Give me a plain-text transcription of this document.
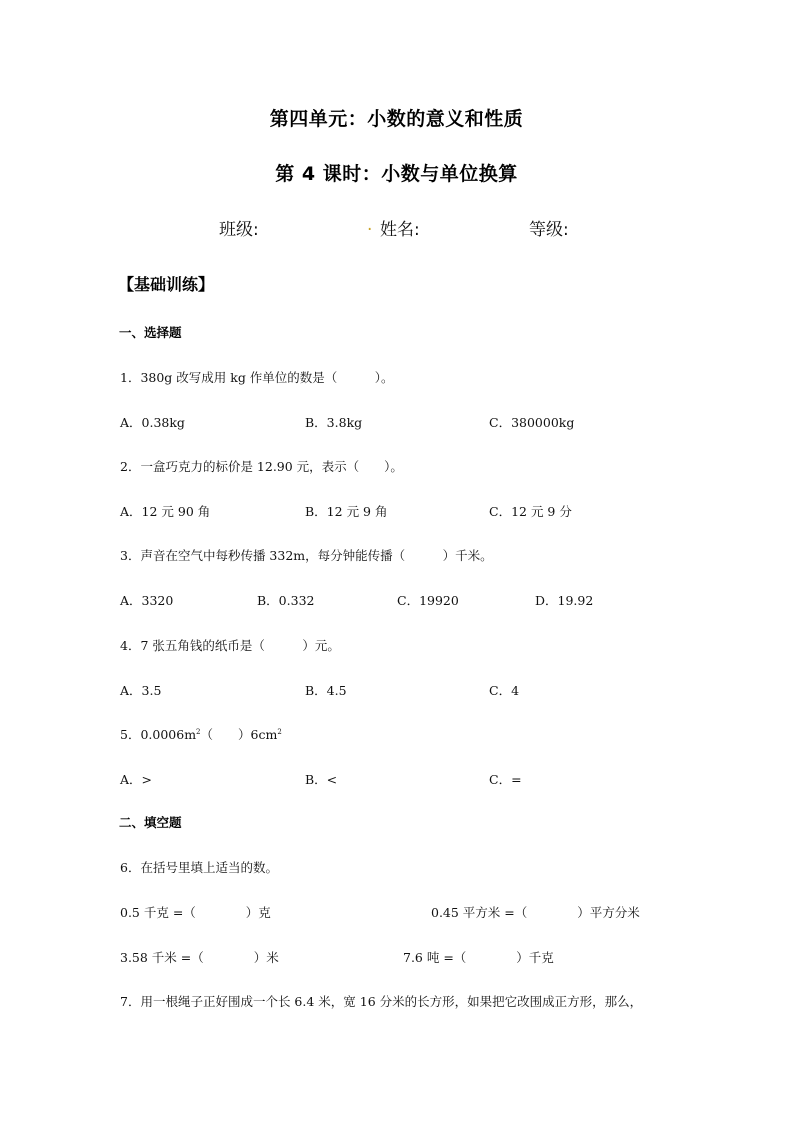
第四单元：小数的意义和性质
第 4 课时：小数与单位换算
班级:	. 姓名:	等级:
【基础训练】
一、选择题
1．380g 改写成用 kg 作单位的数是（　　　）。
A．0.38kg	B．3.8kg	C．380000kg
2．一盒巧克力的标价是 12.90 元，表示（　　）。
A．12 元 90 角	B．12 元 9 角	C．12 元 9 分
3．声音在空气中每秒传播 332m，每分钟能传播（　　　）千米。
A．3320	B．0.332	C．19920	D．19.92
4．7 张五角钱的纸币是（　　　）元。
A．3.5	B．4.5	C．4
5．$0.0006m^2$（　　）$6cm^2$
A．>	B．<	C．=
二、填空题
6．在括号里填上适当的数。
0.5 千克 =（　　　　）克	0.45 平方米 =（　　　　）平方分米
3.58 千米 =（　　　　）米	7.6 吨 =（　　　　）千克
7．用一根绳子正好围成一个长 6.4 米，宽 16 分米的长方形，如果把它改围成正方形，那么，
